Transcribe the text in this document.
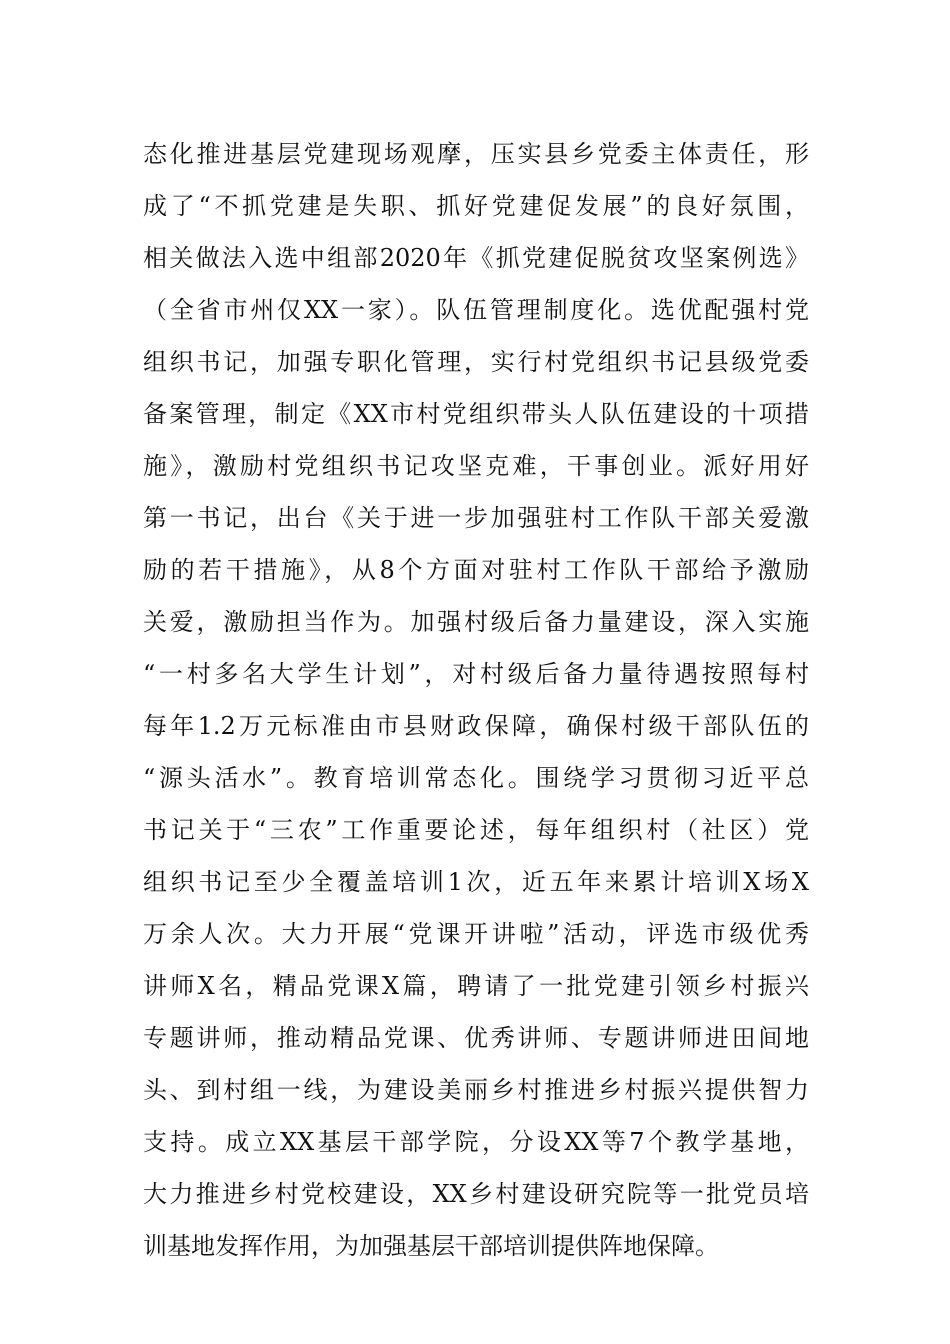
态化推进基层党建现场观摩，压实县乡党委主体责任，形
成了“不抓党建是失职、抓好党建促发展”的良好氛围，
相关做法入选中组部2020年《抓党建促脱贫攻坚案例选》
（全省市州仅XX一家）。队伍管理制度化。选优配强村党
组织书记，加强专职化管理，实行村党组织书记县级党委
备案管理，制定《XX市村党组织带头人队伍建设的十项措
施》，激励村党组织书记攻坚克难，干事创业。派好用好
第一书记，出台《关于进一步加强驻村工作队干部关爱激
励的若干措施》，从8个方面对驻村工作队干部给予激励
关爱，激励担当作为。加强村级后备力量建设，深入实施
“一村多名大学生计划”，对村级后备力量待遇按照每村
每年1.2万元标准由市县财政保障，确保村级干部队伍的
“源头活水”。教育培训常态化。围绕学习贯彻习近平总
书记关于“三农”工作重要论述，每年组织村（社区）党
组织书记至少全覆盖培训1次，近五年来累计培训X场X
万余人次。大力开展“党课开讲啦”活动，评选市级优秀
讲师X名，精品党课X篇，聘请了一批党建引领乡村振兴
专题讲师，推动精品党课、优秀讲师、专题讲师进田间地
头、到村组一线，为建设美丽乡村推进乡村振兴提供智力
支持。成立XX基层干部学院，分设XX等7个教学基地，
大力推进乡村党校建设，XX乡村建设研究院等一批党员培
训基地发挥作用，为加强基层干部培训提供阵地保障。
